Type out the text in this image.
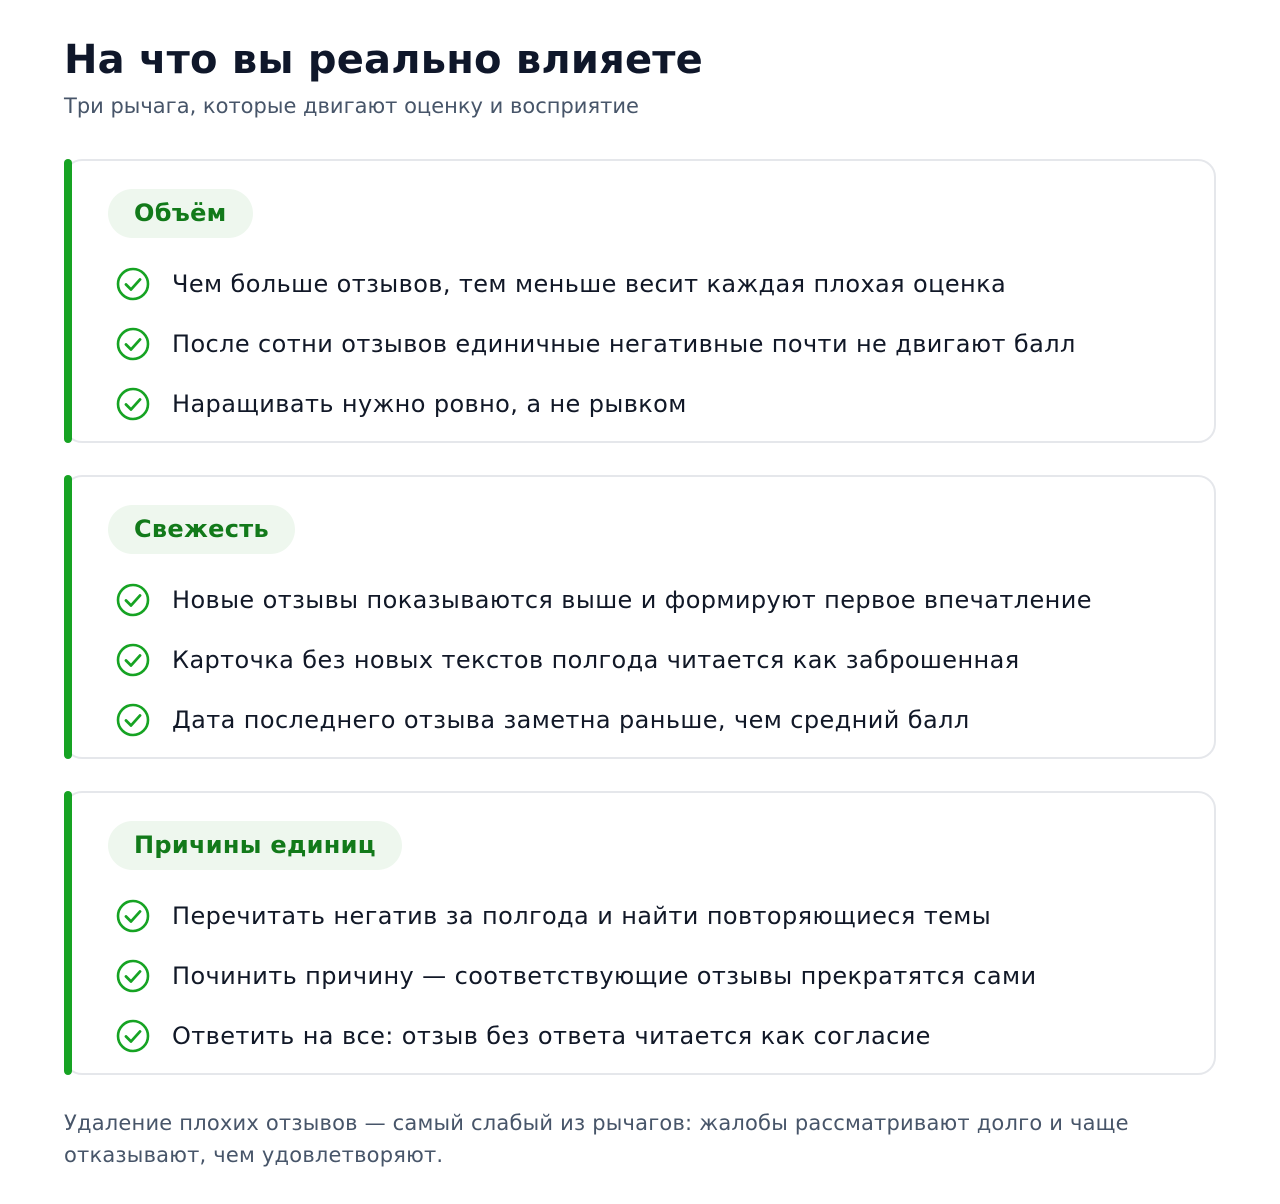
На что вы реально влияете

Три рычага, которые двигают оценку и восприятие

Объём
Чем больше отзывов, тем меньше весит каждая плохая оценка
После сотни отзывов единичные негативные почти не двигают балл
Наращивать нужно ровно, а не рывком
Свежесть
Новые отзывы показываются выше и формируют первое впечатление
Карточка без новых текстов полгода читается как заброшенная
Дата последнего отзыва заметна раньше, чем средний балл
Причины единиц
Перечитать негатив за полгода и найти повторяющиеся темы
Починить причину — соответствующие отзывы прекратятся сами
Ответить на все: отзыв без ответа читается как согласие

Удаление плохих отзывов — самый слабый из рычагов: жалобы рассматривают долго и чаще отказывают, чем удовлетворяют.
